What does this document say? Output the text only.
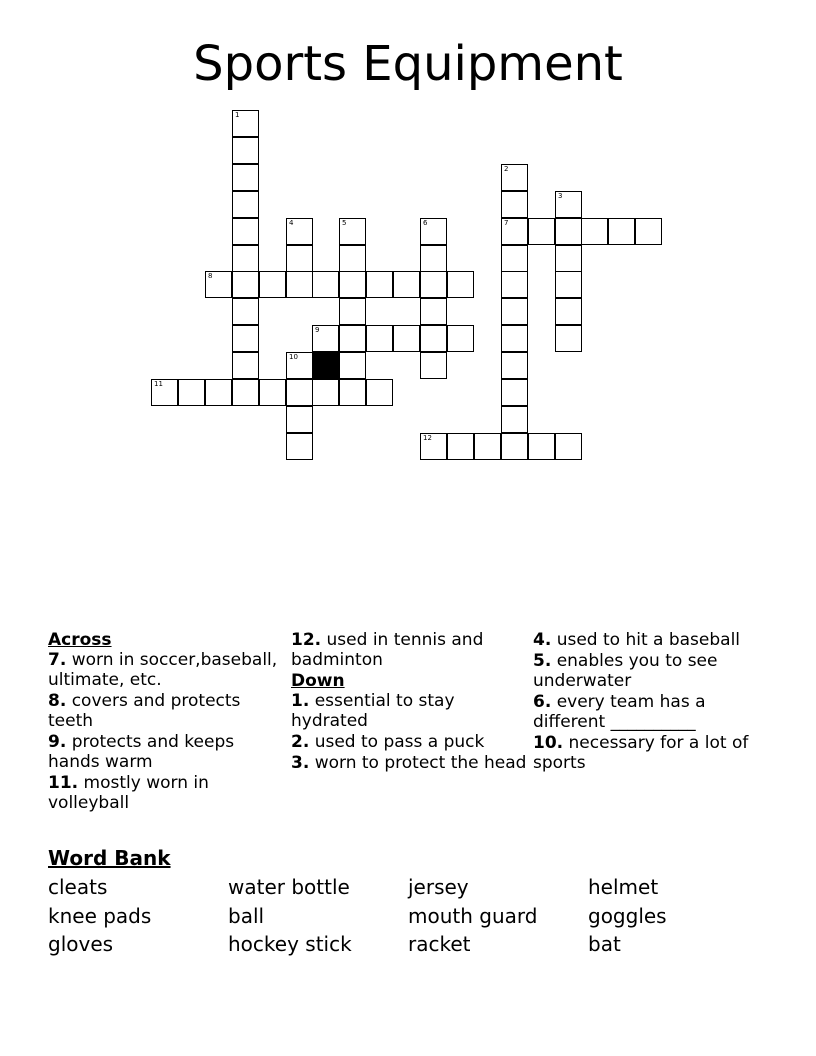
Sports Equipment
1
4	5	6
2
7
3
8
9
10
11
12
Across
7. worn in soccer,baseball, ultimate, etc.
8. covers and protects teeth
9. protects and keeps hands warm
11. mostly worn in volleyball
12. used in tennis and badminton
Down
1. essential to stay hydrated
2. used to pass a puck
3. worn to protect the head
4. used to hit a baseball
5. enables you to see underwater
6. every team has a different __________
10. necessary for a lot of sports
Word Bank
cleats	water bottle	jersey	helmet
knee pads	ball	mouth guard	goggles
gloves	hockey stick	racket	bat
